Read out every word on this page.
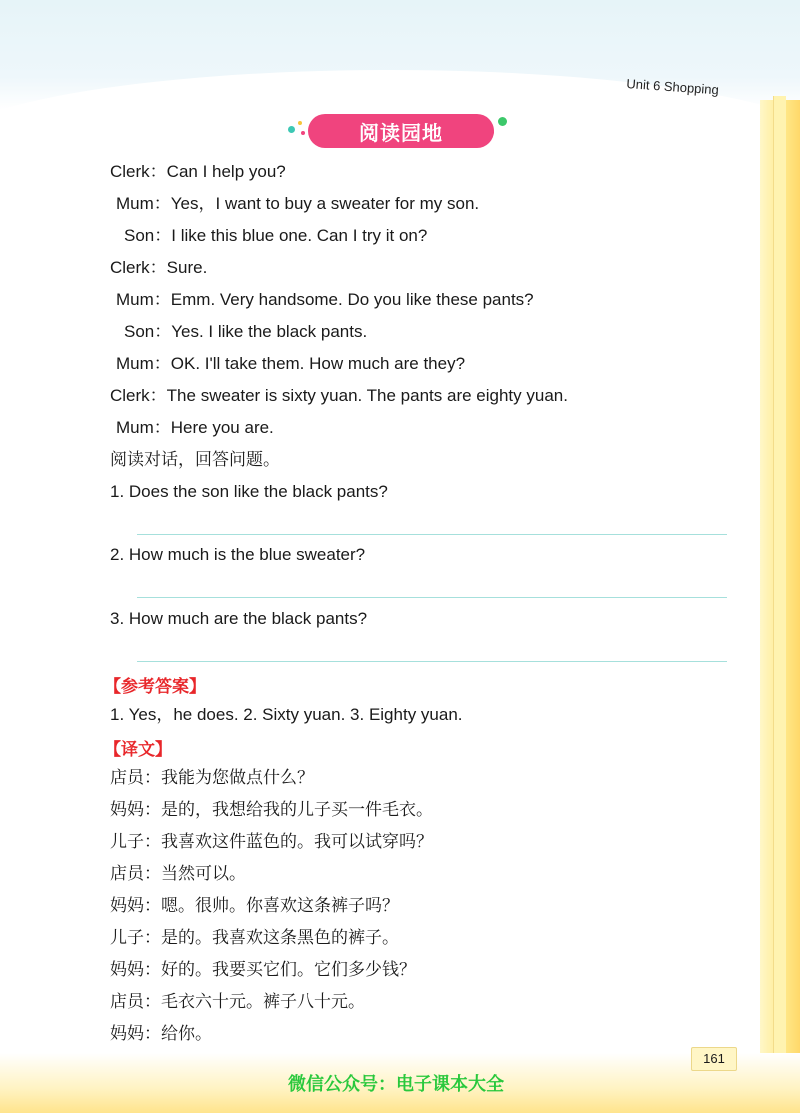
Unit 6 Shopping
阅读园地
Clerk：Can I help you?
Mum：Yes，I want to buy a sweater for my son.
Son：I like this blue one. Can I try it on?
Clerk：Sure.
Mum：Emm. Very handsome. Do you like these pants?
Son：Yes. I like the black pants.
Mum：OK. I'll take them. How much are they?
Clerk：The sweater is sixty yuan. The pants are eighty yuan.
Mum：Here you are.
阅读对话，回答问题。
1. Does the son like the black pants?
2. How much is the blue sweater?
3. How much are the black pants?
【参考答案】
1. Yes，he does. 2. Sixty yuan. 3. Eighty yuan.
【译文】
店员：我能为您做点什么？
妈妈：是的，我想给我的儿子买一件毛衣。
儿子：我喜欢这件蓝色的。我可以试穿吗？
店员：当然可以。
妈妈：嗯。很帅。你喜欢这条裤子吗？
儿子：是的。我喜欢这条黑色的裤子。
妈妈：好的。我要买它们。它们多少钱？
店员：毛衣六十元。裤子八十元。
妈妈：给你。
161
微信公众号：电子课本大全
